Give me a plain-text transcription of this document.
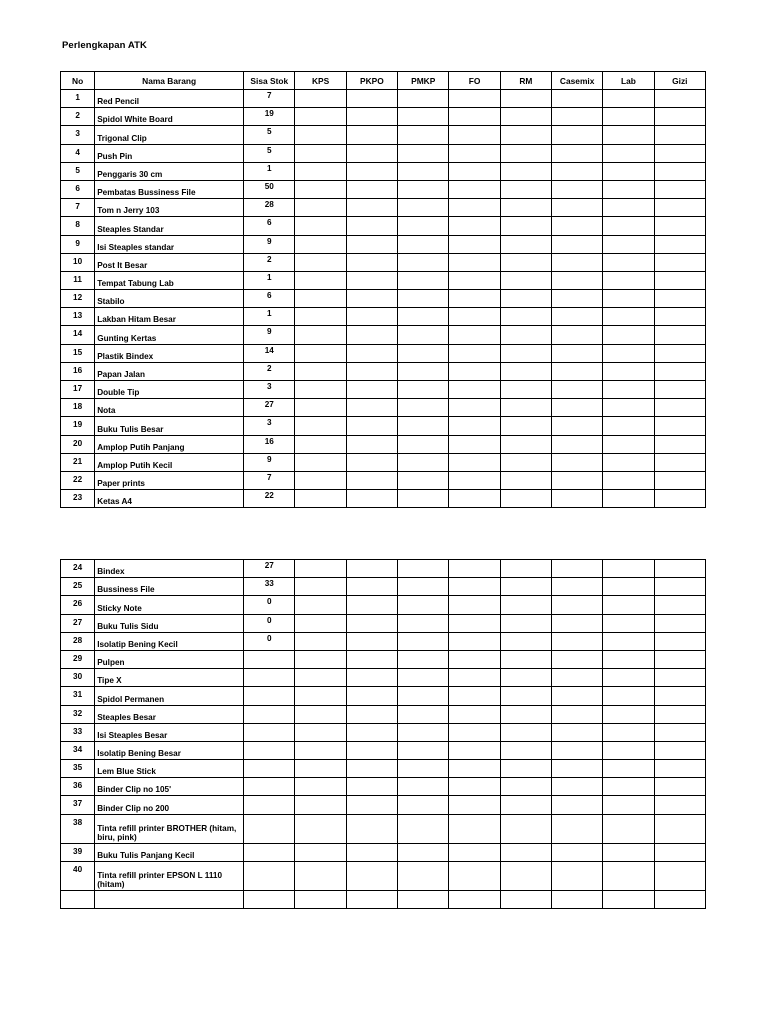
Perlengkapan ATK
No	Nama Barang	Sisa Stok	KPS	PKPO	PMKP	FO	RM	Casemix	Lab	Gizi
1	Red Pencil	7								
2	Spidol White Board	19								
3	Trigonal Clip	5								
4	Push Pin	5								
5	Penggaris 30 cm	1								
6	Pembatas Bussiness File	50								
7	Tom n Jerry 103	28								
8	Steaples Standar	6								
9	Isi Steaples standar	9								
10	Post It Besar	2								
11	Tempat Tabung Lab	1								
12	Stabilo	6								
13	Lakban Hitam Besar	1								
14	Gunting Kertas	9								
15	Plastik Bindex	14								
16	Papan Jalan	2								
17	Double Tip	3								
18	Nota	27								
19	Buku Tulis Besar	3								
20	Amplop Putih Panjang	16								
21	Amplop Putih Kecil	9								
22	Paper prints	7								
23	Ketas A4	22								
24	Bindex	27								
25	Bussiness File	33								
26	Sticky Note	0								
27	Buku Tulis Sidu	0								
28	Isolatip Bening Kecil	0								
29	Pulpen									
30	Tipe X									
31	Spidol Permanen									
32	Steaples Besar									
33	Isi Steaples Besar									
34	Isolatip Bening Besar									
35	Lem Blue Stick									
36	Binder Clip no 105'									
37	Binder Clip no 200									
38	Tinta refill printer BROTHER (hitam, biru, pink)									
39	Buku Tulis Panjang Kecil									
40	Tinta refill printer EPSON L 1110 (hitam)									
